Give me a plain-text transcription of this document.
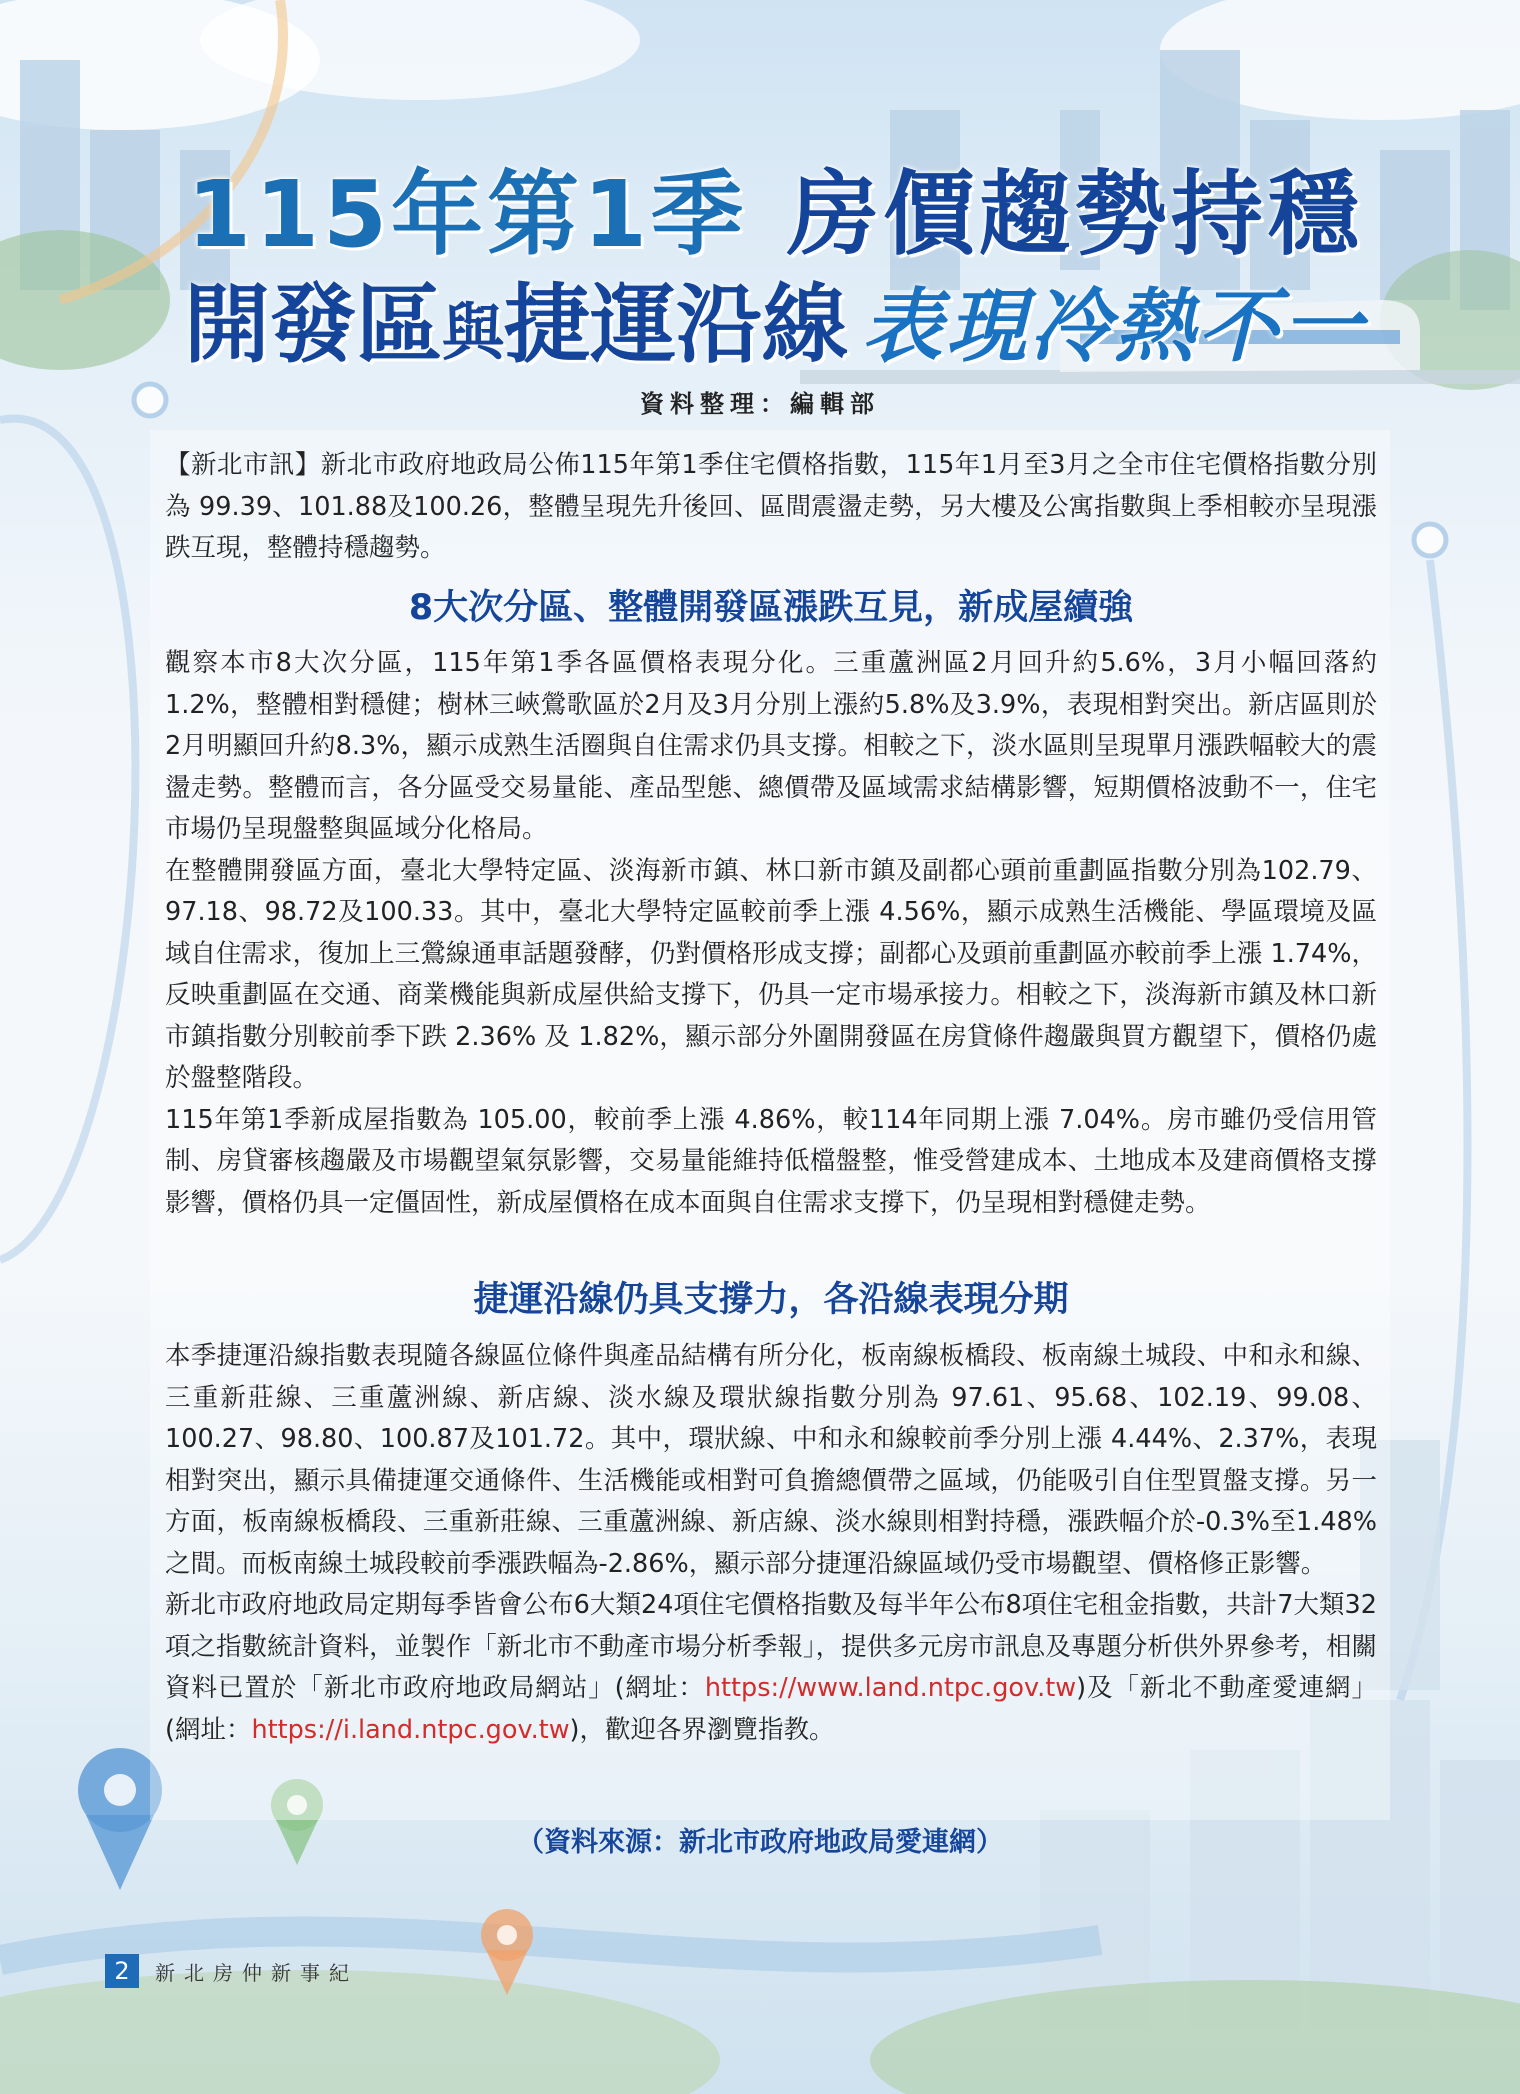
115年第1季 房價趨勢持穩
開發區與捷運沿線 表現冷熱不一
資料整理：編輯部

【新北市訊】新北市政府地政局公佈115年第1季住宅價格指數，115年1月至3月之全市住宅價格指數分別為 99.39、101.88及100.26，整體呈現先升後回、區間震盪走勢，另大樓及公寓指數與上季相較亦呈現漲跌互現，整體持穩趨勢。

8大次分區、整體開發區漲跌互見，新成屋續強

觀察本市8大次分區，115年第1季各區價格表現分化。三重蘆洲區2月回升約5.6%，3月小幅回落約1.2%，整體相對穩健；樹林三峽鶯歌區於2月及3月分別上漲約5.8%及3.9%，表現相對突出。新店區則於2月明顯回升約8.3%，顯示成熟生活圈與自住需求仍具支撐。相較之下，淡水區則呈現單月漲跌幅較大的震盪走勢。整體而言，各分區受交易量能、產品型態、總價帶及區域需求結構影響，短期價格波動不一，住宅市場仍呈現盤整與區域分化格局。

在整體開發區方面，臺北大學特定區、淡海新市鎮、林口新市鎮及副都心頭前重劃區指數分別為102.79、97.18、98.72及100.33。其中，臺北大學特定區較前季上漲 4.56%，顯示成熟生活機能、學區環境及區域自住需求，復加上三鶯線通車話題發酵，仍對價格形成支撐；副都心及頭前重劃區亦較前季上漲 1.74%，反映重劃區在交通、商業機能與新成屋供給支撐下，仍具一定市場承接力。相較之下，淡海新市鎮及林口新市鎮指數分別較前季下跌 2.36% 及 1.82%，顯示部分外圍開發區在房貸條件趨嚴與買方觀望下，價格仍處於盤整階段。

115年第1季新成屋指數為 105.00，較前季上漲 4.86%，較114年同期上漲 7.04%。房市雖仍受信用管制、房貸審核趨嚴及市場觀望氣氛影響，交易量能維持低檔盤整，惟受營建成本、土地成本及建商價格支撐影響，價格仍具一定僵固性，新成屋價格在成本面與自住需求支撐下，仍呈現相對穩健走勢。

捷運沿線仍具支撐力，各沿線表現分期

本季捷運沿線指數表現隨各線區位條件與產品結構有所分化，板南線板橋段、板南線土城段、中和永和線、三重新莊線、三重蘆洲線、新店線、淡水線及環狀線指數分別為 97.61、95.68、102.19、99.08、100.27、98.80、100.87及101.72。其中，環狀線、中和永和線較前季分別上漲 4.44%、2.37%，表現相對突出，顯示具備捷運交通條件、生活機能或相對可負擔總價帶之區域，仍能吸引自住型買盤支撐。另一方面，板南線板橋段、三重新莊線、三重蘆洲線、新店線、淡水線則相對持穩，漲跌幅介於-0.3%至1.48%之間。而板南線土城段較前季漲跌幅為-2.86%，顯示部分捷運沿線區域仍受市場觀望、價格修正影響。

新北市政府地政局定期每季皆會公布6大類24項住宅價格指數及每半年公布8項住宅租金指數，共計7大類32項之指數統計資料，並製作「新北市不動產市場分析季報」，提供多元房市訊息及專題分析供外界參考，相關資料已置於「新北市政府地政局網站」(網址：https://www.land.ntpc.gov.tw)及「新北不動產愛連網」(網址：https://i.land.ntpc.gov.tw)，歡迎各界瀏覽指教。

（資料來源：新北市政府地政局愛連網）
2	新北房仲新事紀
